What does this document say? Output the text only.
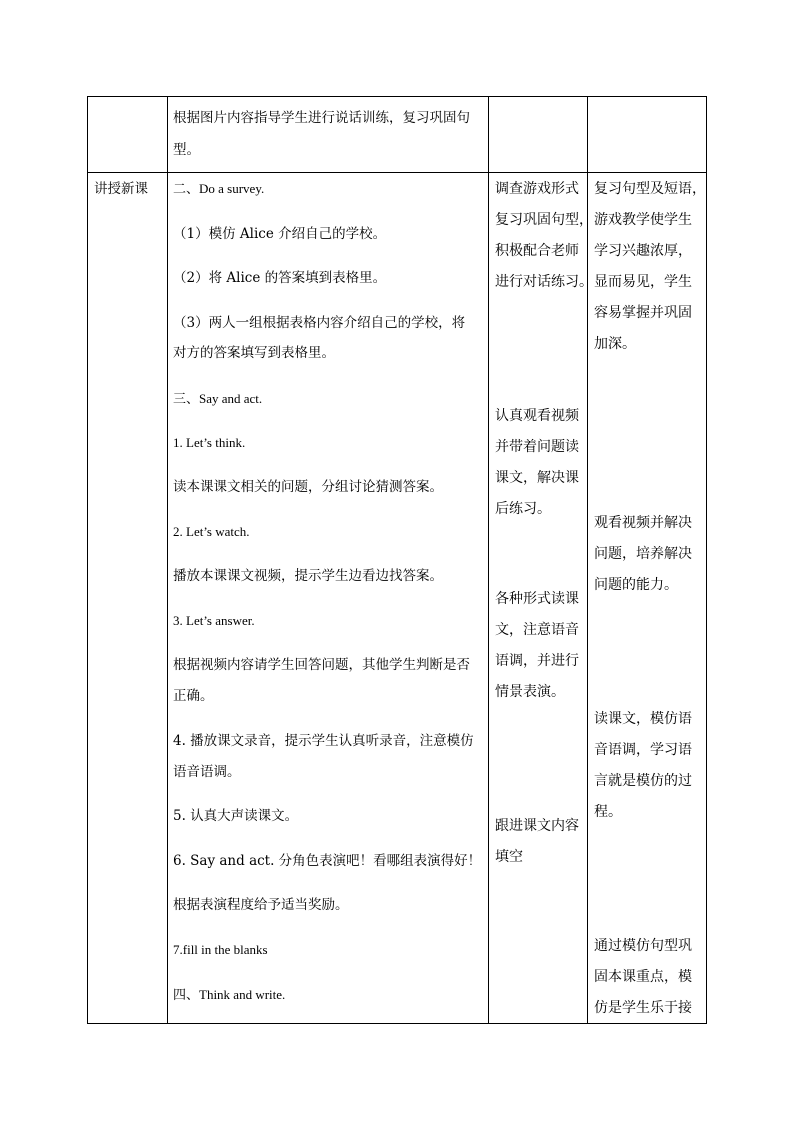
根据图片内容指导学生进行说话训练，复习巩固句
型。
讲授新课 二、Do a survey.
（1）模仿 Alice 介绍自己的学校。
（2）将 Alice 的答案填到表格里。
（3）两人一组根据表格内容介绍自己的学校，将
对方的答案填写到表格里。
三、Say and act.
1. Let’s think.
读本课课文相关的问题，分组讨论猜测答案。
2. Let’s watch.
播放本课课文视频，提示学生边看边找答案。
3. Let’s answer.
根据视频内容请学生回答问题，其他学生判断是否
正确。
4. 播放课文录音，提示学生认真听录音，注意模仿
语音语调。
5. 认真大声读课文。
6. Say and act. 分角色表演吧！看哪组表演得好！
根据表演程度给予适当奖励。
7.fill in the blanks
四、Think and write.
调查游戏形式
复习巩固句型，
积极配合老师
进行对话练习。
认真观看视频
并带着问题读
课文，解决课
后练习。
各种形式读课
文，注意语音
语调，并进行
情景表演。
跟进课文内容
填空
复习句型及短语，
游戏教学使学生
学习兴趣浓厚，
显而易见，学生
容易掌握并巩固
加深。
观看视频并解决
问题，培养解决
问题的能力。
读课文，模仿语
音语调，学习语
言就是模仿的过
程。
通过模仿句型巩
固本课重点，模
仿是学生乐于接
